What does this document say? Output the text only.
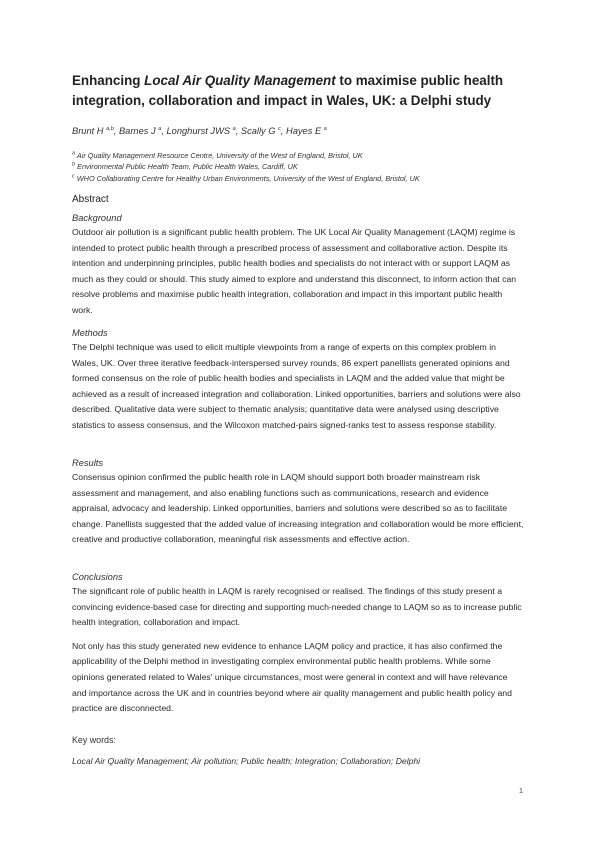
Enhancing Local Air Quality Management to maximise public health integration, collaboration and impact in Wales, UK: a Delphi study
Brunt H $^{a,b}$, Barnes J $^a$, Longhurst JWS $^a$, Scally G $^c$, Hayes E $^a$
$^a$ Air Quality Management Resource Centre, University of the West of England, Bristol, UK
$^b$ Environmental Public Health Team, Public Health Wales, Cardiff, UK
$^c$ WHO Collaborating Centre for Healthy Urban Environments, University of the West of England, Bristol, UK
Abstract
Background
Outdoor air pollution is a significant public health problem. The UK Local Air Quality Management (LAQM) regime is intended to protect public health through a prescribed process of assessment and collaborative action. Despite its intention and underpinning principles, public health bodies and specialists do not interact with or support LAQM as much as they could or should. This study aimed to explore and understand this disconnect, to inform action that can resolve problems and maximise public health integration, collaboration and impact in this important public health work.
Methods
The Delphi technique was used to elicit multiple viewpoints from a range of experts on this complex problem in Wales, UK. Over three iterative feedback-interspersed survey rounds, 86 expert panellists generated opinions and formed consensus on the role of public health bodies and specialists in LAQM and the added value that might be achieved as a result of increased integration and collaboration. Linked opportunities, barriers and solutions were also described. Qualitative data were subject to thematic analysis; quantitative data were analysed using descriptive statistics to assess consensus, and the Wilcoxon matched-pairs signed-ranks test to assess response stability.
Results
Consensus opinion confirmed the public health role in LAQM should support both broader mainstream risk assessment and management, and also enabling functions such as communications, research and evidence appraisal, advocacy and leadership. Linked opportunities, barriers and solutions were described so as to facilitate change. Panellists suggested that the added value of increasing integration and collaboration would be more efficient, creative and productive collaboration, meaningful risk assessments and effective action.
Conclusions
The significant role of public health in LAQM is rarely recognised or realised. The findings of this study present a convincing evidence-based case for directing and supporting much-needed change to LAQM so as to increase public health integration, collaboration and impact.
Not only has this study generated new evidence to enhance LAQM policy and practice, it has also confirmed the applicability of the Delphi method in investigating complex environmental public health problems. While some opinions generated related to Wales' unique circumstances, most were general in context and will have relevance and importance across the UK and in countries beyond where air quality management and public health policy and practice are disconnected.
Key words:
Local Air Quality Management; Air pollution; Public health; Integration; Collaboration; Delphi
1
